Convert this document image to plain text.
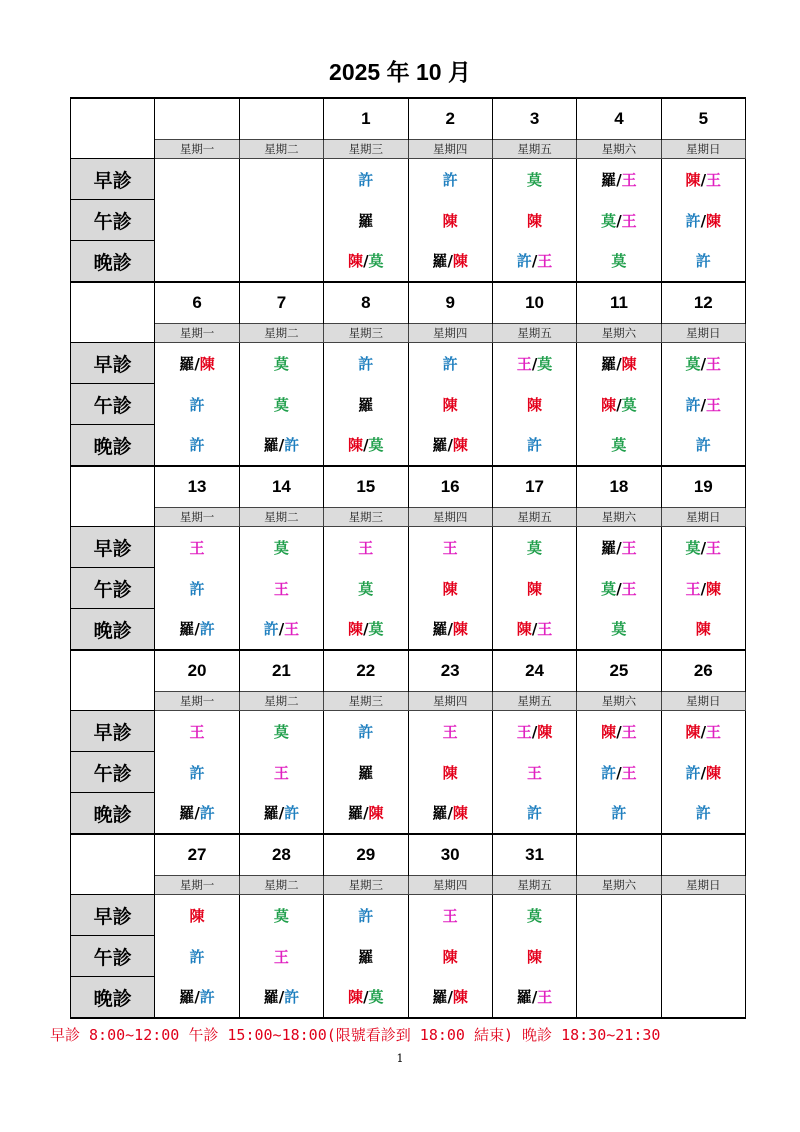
2025 年 10 月
			1	2	3	4	5
	星期一	星期二	星期三	星期四	星期五	星期六	星期日
早診			許	許	莫	羅/王	陳/王
午診			羅	陳	陳	莫/王	許/陳
晚診			陳/莫	羅/陳	許/王	莫	許
	6	7	8	9	10	11	12
	星期一	星期二	星期三	星期四	星期五	星期六	星期日
早診	羅/陳	莫	許	許	王/莫	羅/陳	莫/王
午診	許	莫	羅	陳	陳	陳/莫	許/王
晚診	許	羅/許	陳/莫	羅/陳	許	莫	許
	13	14	15	16	17	18	19
	星期一	星期二	星期三	星期四	星期五	星期六	星期日
早診	王	莫	王	王	莫	羅/王	莫/王
午診	許	王	莫	陳	陳	莫/王	王/陳
晚診	羅/許	許/王	陳/莫	羅/陳	陳/王	莫	陳
	20	21	22	23	24	25	26
	星期一	星期二	星期三	星期四	星期五	星期六	星期日
早診	王	莫	許	王	王/陳	陳/王	陳/王
午診	許	王	羅	陳	王	許/王	許/陳
晚診	羅/許	羅/許	羅/陳	羅/陳	許	許	許
	27	28	29	30	31		
	星期一	星期二	星期三	星期四	星期五	星期六	星期日
早診	陳	莫	許	王	莫		
午診	許	王	羅	陳	陳		
晚診	羅/許	羅/許	陳/莫	羅/陳	羅/王		
早診 8:00~12:00 午診 15:00~18:00(限號看診到 18:00 結束) 晚診 18:30~21:30
1
